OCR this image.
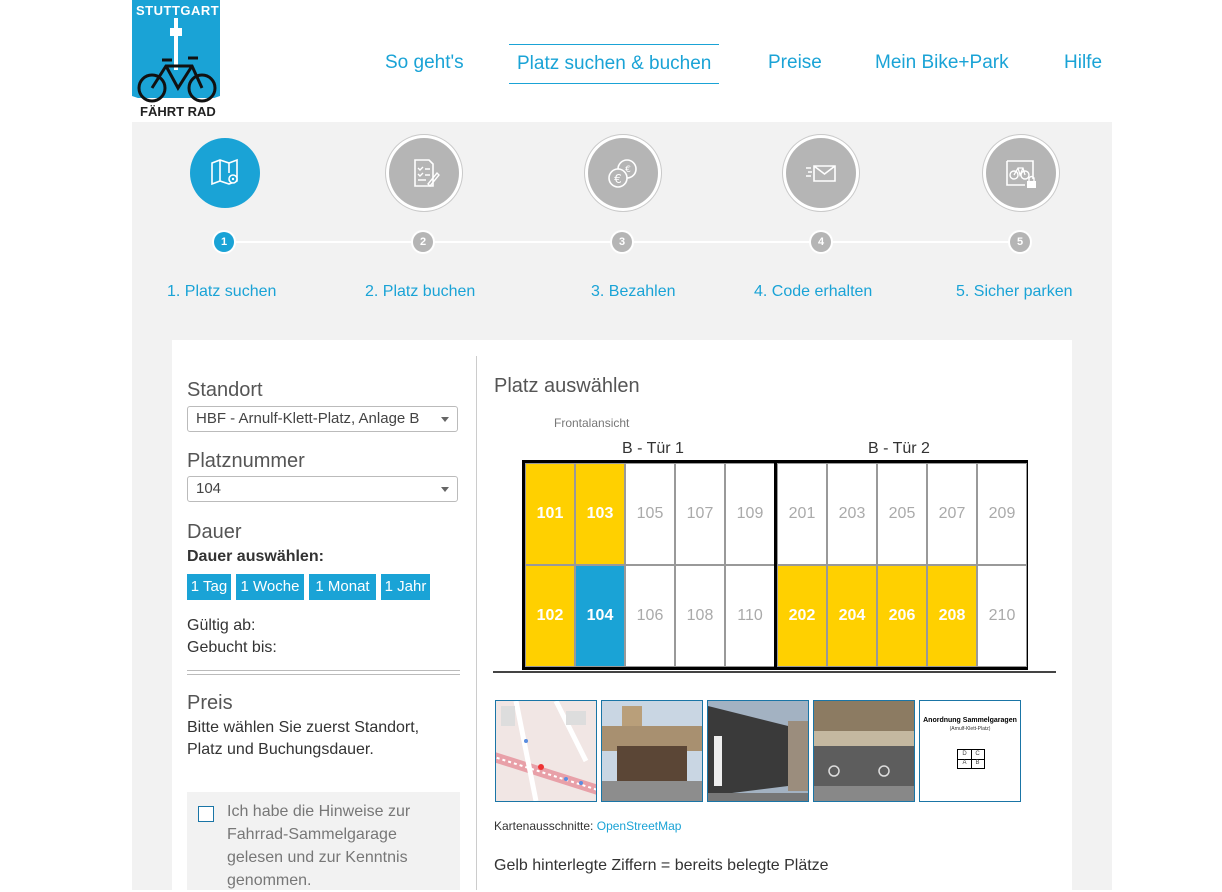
STUTTGART
FÄHRT RAD
So geht's	Platz suchen & buchen	Preise	Mein Bike+Park	Hilfe
€
€
1	2	3	4	5
1. Platz suchen	2. Platz buchen	3. Bezahlen	4. Code erhalten	5. Sicher parken
Standort
HBF - Arnulf-Klett-Platz, Anlage B
Platznummer
104
Dauer
Dauer auswählen:
1 Tag 1 Woche	1 Monat	1 Jahr
Gültig ab:
Gebucht bis:
Preis
Bitte wählen Sie zuerst Standort,
Platz und Buchungsdauer.
Ich habe die Hinweise zur
Fahrrad-Sammelgarage
gelesen und zur Kenntnis
genommen.
Platz auswählen
Frontalansicht
B - Tür 1	B - Tür 2
101	103	105	107	109	201	203	205	207	209
102	104	106	108	110	202	204	206	208	210
Anordnung Sammelgaragen
(Arnulf-Klett-Platz)
D	C
A	B
Kartenausschnitte: OpenStreetMap
Gelb hinterlegte Ziffern = bereits belegte Plätze
